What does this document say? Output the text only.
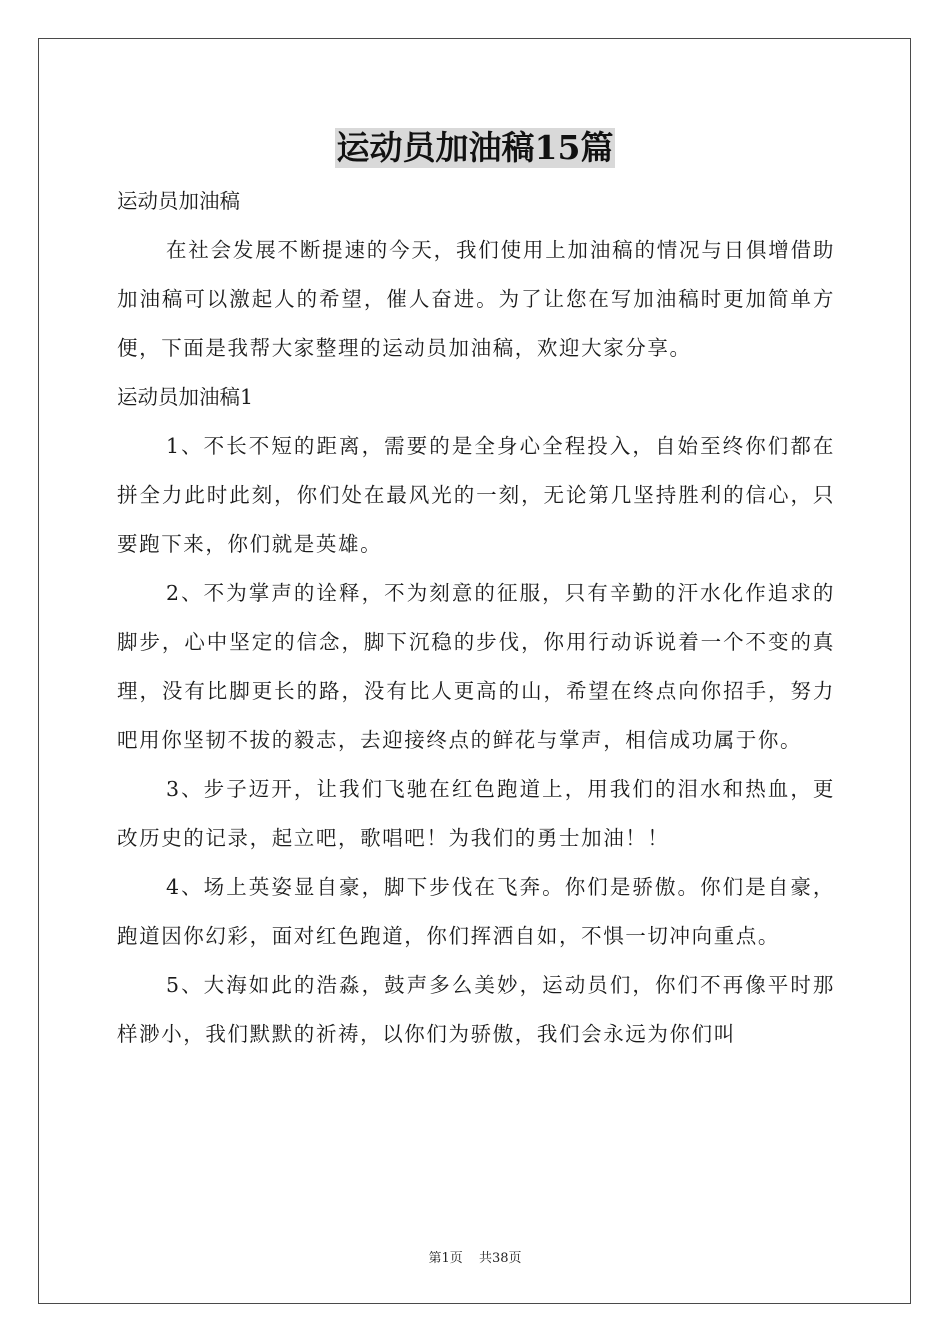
运动员加油稿15篇

运动员加油稿

在社会发展不断提速的今天，我们使用上加油稿的情况与日俱增借助加油稿可以激起人的希望，催人奋进。为了让您在写加油稿时更加简单方便，下面是我帮大家整理的运动员加油稿，欢迎大家分享。

运动员加油稿1

1、不长不短的距离，需要的是全身心全程投入，自始至终你们都在拼全力此时此刻，你们处在最风光的一刻，无论第几坚持胜利的信心，只要跑下来，你们就是英雄。

2、不为掌声的诠释，不为刻意的征服，只有辛勤的汗水化作追求的脚步，心中坚定的信念，脚下沉稳的步伐，你用行动诉说着一个不变的真理，没有比脚更长的路，没有比人更高的山，希望在终点向你招手，努力吧用你坚韧不拔的毅志，去迎接终点的鲜花与掌声，相信成功属于你。

3、步子迈开，让我们飞驰在红色跑道上，用我们的泪水和热血，更改历史的记录，起立吧，歌唱吧！为我们的勇士加油！！

4、场上英姿显自豪，脚下步伐在飞奔。你们是骄傲。你们是自豪，跑道因你幻彩，面对红色跑道，你们挥洒自如，不惧一切冲向重点。

5、大海如此的浩淼，鼓声多么美妙，运动员们，你们不再像平时那样渺小，我们默默的祈祷，以你们为骄傲，我们会永远为你们叫

第1页 共38页
